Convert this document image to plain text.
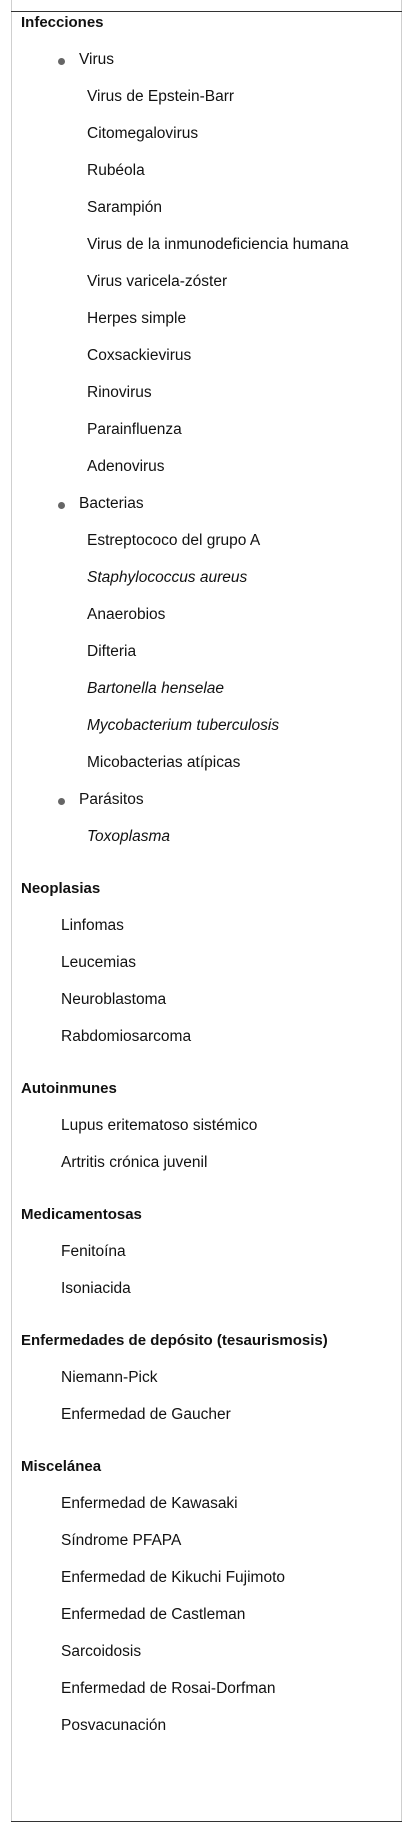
Infecciones
Virus
Virus de Epstein-Barr
Citomegalovirus
Rubéola
Sarampión
Virus de la inmunodeficiencia humana
Virus varicela-zóster
Herpes simple
Coxsackievirus
Rinovirus
Parainfluenza
Adenovirus
Bacterias
Estreptococo del grupo A
Staphylococcus aureus
Anaerobios
Difteria
Bartonella henselae
Mycobacterium tuberculosis
Micobacterias atípicas
Parásitos
Toxoplasma
Neoplasias
Linfomas
Leucemias
Neuroblastoma
Rabdomiosarcoma
Autoinmunes
Lupus eritematoso sistémico
Artritis crónica juvenil
Medicamentosas
Fenitoína
Isoniacida
Enfermedades de depósito (tesaurismosis)
Niemann-Pick
Enfermedad de Gaucher
Miscelánea
Enfermedad de Kawasaki
Síndrome PFAPA
Enfermedad de Kikuchi Fujimoto
Enfermedad de Castleman
Sarcoidosis
Enfermedad de Rosai-Dorfman
Posvacunación
